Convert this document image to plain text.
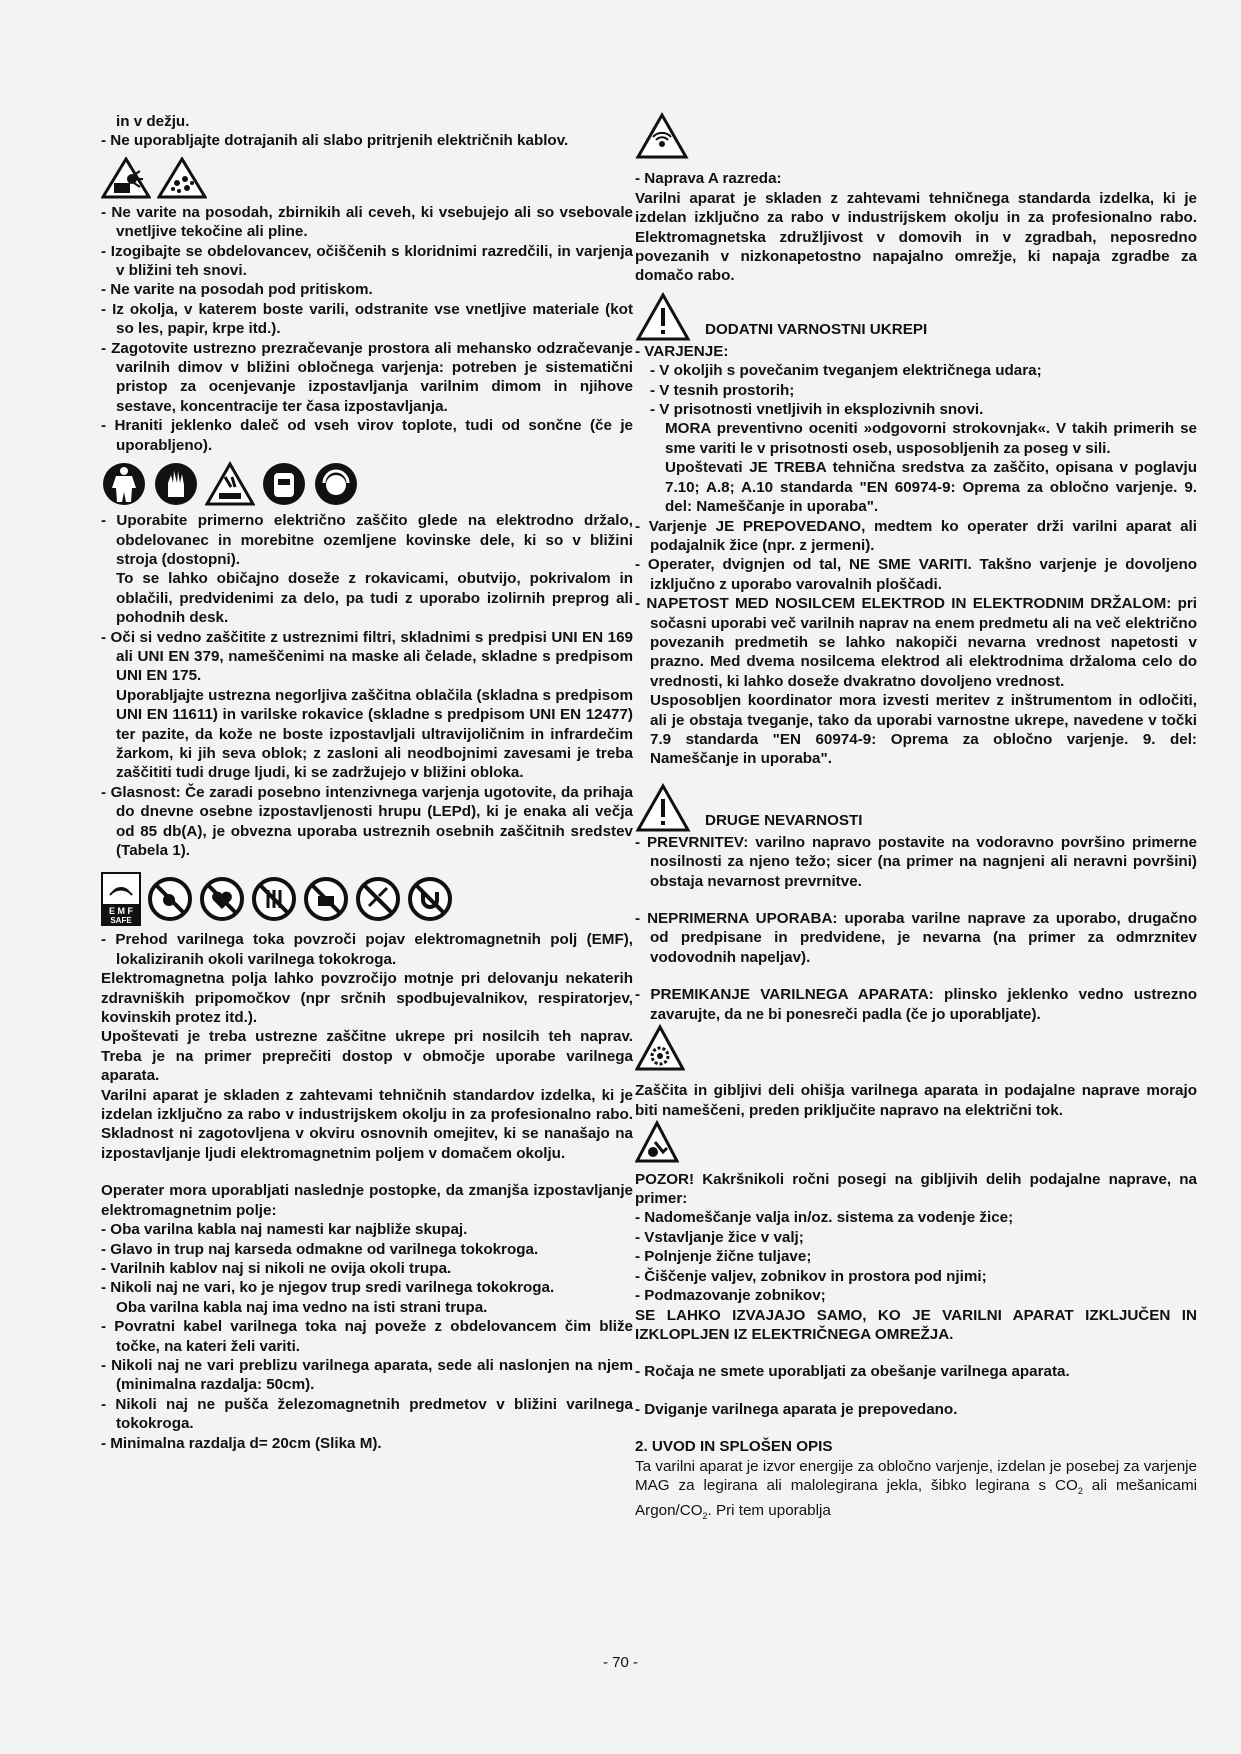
in v dežju.

- Ne uporabljajte dotrajanih ali slabo pritrjenih električnih kablov.

- Ne varite na posodah, zbirnikih ali ceveh, ki vsebujejo ali so vsebovale vnetljive tekočine ali pline.

- Izogibajte se obdelovancev, očiščenih s kloridnimi razredčili, in varjenja v bližini teh snovi.

- Ne varite na posodah pod pritiskom.

- Iz okolja, v katerem boste varili, odstranite vse vnetljive materiale (kot so les, papir, krpe itd.).

- Zagotovite ustrezno prezračevanje prostora ali mehansko odzračevanje varilnih dimov v bližini obločnega varjenja: potreben je sistematični pristop za ocenjevanje izpostavljanja varilnim dimom in njihove sestave, koncentracije ter časa izpostavljanja.

- Hraniti jeklenko daleč od vseh virov toplote, tudi od sončne (če je uporabljeno).

- Uporabite primerno električno zaščito glede na elektrodno držalo, obdelovanec in morebitne ozemljene kovinske dele, ki so v bližini stroja (dostopni).

To se lahko običajno doseže z rokavicami, obutvijo, pokrivalom in oblačili, predvidenimi za delo, pa tudi z uporabo izolirnih preprog ali pohodnih desk.

- Oči si vedno zaščitite z ustreznimi filtri, skladnimi s predpisi UNI EN 169 ali UNI EN 379, nameščenimi na maske ali čelade, skladne s predpisom UNI EN 175.

Uporabljajte ustrezna negorljiva zaščitna oblačila (skladna s predpisom UNI EN 11611) in varilske rokavice (skladne s predpisom UNI EN 12477) ter pazite, da kože ne boste izpostavljali ultravijoličnim in infrardečim žarkom, ki jih seva oblok; z zasloni ali neodbojnimi zavesami je treba zaščititi tudi druge ljudi, ki se zadržujejo v bližini obloka.

- Glasnost: Če zaradi posebno intenzivnega varjenja ugotovite, da prihaja do dnevne osebne izpostavljenosti hrupu (LEPd), ki je enaka ali večja od 85 db(A), je obvezna uporaba ustreznih osebnih zaščitnih sredstev (Tabela 1).

E M F
SAFE

- Prehod varilnega toka povzroči pojav elektromagnetnih polj (EMF), lokaliziranih okoli varilnega tokokroga.

Elektromagnetna polja lahko povzročijo motnje pri delovanju nekaterih zdravniških pripomočkov (npr srčnih spodbujevalnikov, respiratorjev, kovinskih protez itd.).

Upoštevati je treba ustrezne zaščitne ukrepe pri nosilcih teh naprav. Treba je na primer preprečiti dostop v območje uporabe varilnega aparata.

Varilni aparat je skladen z zahtevami tehničnih standardov izdelka, ki je izdelan izključno za rabo v industrijskem okolju in za profesionalno rabo. Skladnost ni zagotovljena v okviru osnovnih omejitev, ki se nanašajo na izpostavljanje ljudi elektromagnetnim poljem v domačem okolju.

Operater mora uporabljati naslednje postopke, da zmanjša izpostavljanje elektromagnetnim polje:

- Oba varilna kabla naj namesti kar najbliže skupaj.

- Glavo in trup naj karseda odmakne od varilnega tokokroga.

- Varilnih kablov naj si nikoli ne ovija okoli trupa.

- Nikoli naj ne vari, ko je njegov trup sredi varilnega tokokroga.

Oba varilna kabla naj ima vedno na isti strani trupa.

- Povratni kabel varilnega toka naj poveže z obdelovancem čim bliže točke, na kateri želi variti.

- Nikoli naj ne vari preblizu varilnega aparata, sede ali naslonjen na njem (minimalna razdalja: 50cm).

- Nikoli naj ne pušča železomagnetnih predmetov v bližini varilnega tokokroga.

- Minimalna razdalja d= 20cm (Slika M).

- Naprava A razreda:

Varilni aparat je skladen z zahtevami tehničnega standarda izdelka, ki je izdelan izključno za rabo v industrijskem okolju in za profesionalno rabo. Elektromagnetska združljivost v domovih in v zgradbah, neposredno povezanih v nizkonapetostno napajalno omrežje, ki napaja zgradbe za domačo rabo.

DODATNI VARNOSTNI UKREPI

- VARJENJE:

- V okoljih s povečanim tveganjem električnega udara;

- V tesnih prostorih;

- V prisotnosti vnetljivih in eksplozivnih snovi.

MORA preventivno oceniti »odgovorni strokovnjak«. V takih primerih se sme variti le v prisotnosti oseb, usposobljenih za poseg v sili.

Upoštevati JE TREBA tehnična sredstva za zaščito, opisana v poglavju 7.10; A.8; A.10 standarda "EN 60974-9: Oprema za obločno varjenje. 9. del: Nameščanje in uporaba".

- Varjenje JE PREPOVEDANO, medtem ko operater drži varilni aparat ali podajalnik žice (npr. z jermeni).

- Operater, dvignjen od tal, NE SME VARITI. Takšno varjenje je dovoljeno izključno z uporabo varovalnih ploščadi.

- NAPETOST MED NOSILCEM ELEKTROD IN ELEKTRODNIM DRŽALOM: pri sočasni uporabi več varilnih naprav na enem predmetu ali na več električno povezanih predmetih se lahko nakopiči nevarna vrednost napetosti v prazno. Med dvema nosilcema elektrod ali elektrodnima držaloma celo do vrednosti, ki lahko doseže dvakratno dovoljeno vrednost.

Usposobljen koordinator mora izvesti meritev z inštrumentom in odločiti, ali je obstaja tveganje, tako da uporabi varnostne ukrepe, navedene v točki 7.9 standarda "EN 60974-9: Oprema za obločno varjenje. 9. del: Nameščanje in uporaba".

DRUGE NEVARNOSTI

- PREVRNITEV: varilno napravo postavite na vodoravno površino primerne nosilnosti za njeno težo; sicer (na primer na nagnjeni ali neravni površini) obstaja nevarnost prevrnitve.

- NEPRIMERNA UPORABA: uporaba varilne naprave za uporabo, drugačno od predpisane in predvidene, je nevarna (na primer za odmrznitev vodovodnih napeljav).

- PREMIKANJE VARILNEGA APARATA: plinsko jeklenko vedno ustrezno zavarujte, da ne bi ponesreči padla (če jo uporabljate).

Zaščita in gibljivi deli ohišja varilnega aparata in podajalne naprave morajo biti nameščeni, preden priključite napravo na električni tok.

POZOR! Kakršnikoli ročni posegi na gibljivih delih podajalne naprave, na primer:

- Nadomeščanje valja in/oz. sistema za vodenje žice;

- Vstavljanje žice v valj;

- Polnjenje žične tuljave;

- Čiščenje valjev, zobnikov in prostora pod njimi;

- Podmazovanje zobnikov;

SE LAHKO IZVAJAJO SAMO, KO JE VARILNI APARAT IZKLJUČEN IN IZKLOPLJEN IZ ELEKTRIČNEGA OMREŽJA.

- Ročaja ne smete uporabljati za obešanje varilnega aparata.

- Dviganje varilnega aparata je prepovedano.

2. UVOD IN SPLOŠEN OPIS

Ta varilni aparat je izvor energije za obločno varjenje, izdelan je posebej za varjenje MAG za legirana ali malolegirana jekla, šibko legirana s $CO_2$ ali mešanicami Argon/$CO_2$. Pri tem uporablja

- 70 -
